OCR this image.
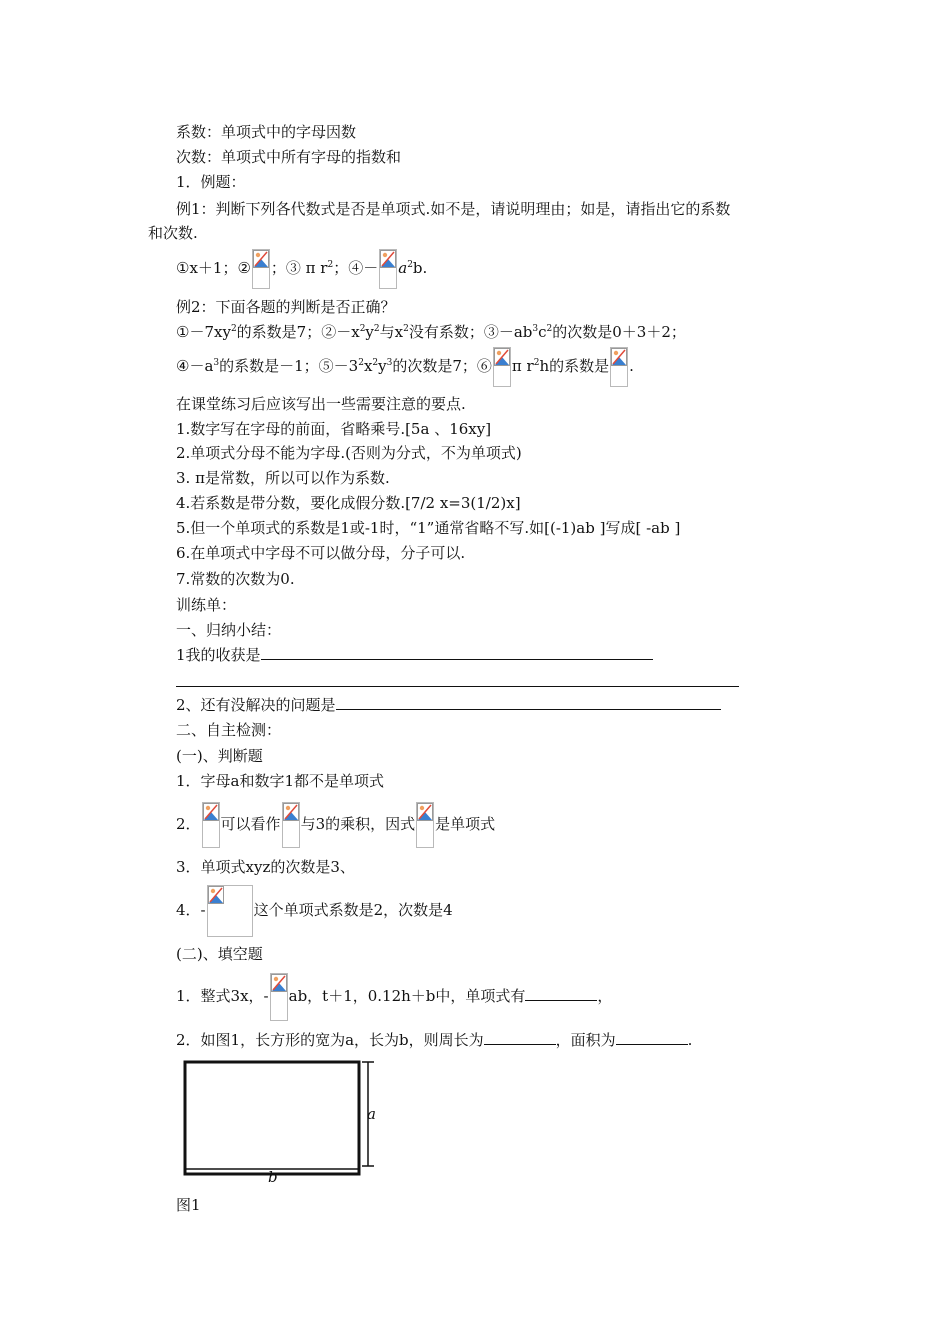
系数：单项式中的字母因数
次数：单项式中所有字母的指数和
1．例题：
例1：判断下列各代数式是否是单项式.如不是，请说明理由；如是，请指出它的系数
和次数.
①x＋1；② ；③ π $r^2$；④－ $a^2b$.
例2：下面各题的判断是否正确？
$①-7xy^2$的系数是7；$②-x^2y^2$与$x^2$没有系数；$③-ab^3c^2$的次数是0＋3＋2；
$④-a^3$的系数是－1；$⑤-3^2x^2y^3$的次数是7；⑥ π $r^2h$的系数是 .
在课堂练习后应该写出一些需要注意的要点.
1.数字写在字母的前面，省略乘号.[5a 、16xy]
2.单项式分母不能为字母.(否则为分式，不为单项式)
3. π是常数，所以可以作为系数.
4.若系数是带分数，要化成假分数.[7/2 x=3(1/2)x]
5.但一个单项式的系数是1或-1时，“1”通常省略不写.如[(-1)ab ]写成[ -ab ]
6.在单项式中字母不可以做分母，分子可以.
7.常数的次数为0.
训练单：
一、归纳小结：
1我的收获是
2、还有没解决的问题是
二、自主检测：
(一)、判断题
1．字母a和数字1都不是单项式
2． 可以看作 与3的乘积，因式 是单项式
3．单项式xyz的次数是3、
4．-	这个单项式系数是2，次数是4
(二)、填空题
1．整式3x，- ab，t＋1，0.12h＋b中，单项式有	，
2．如图1，长方形的宽为a，长为b，则周长为	，面积为	.
a
b
图1
